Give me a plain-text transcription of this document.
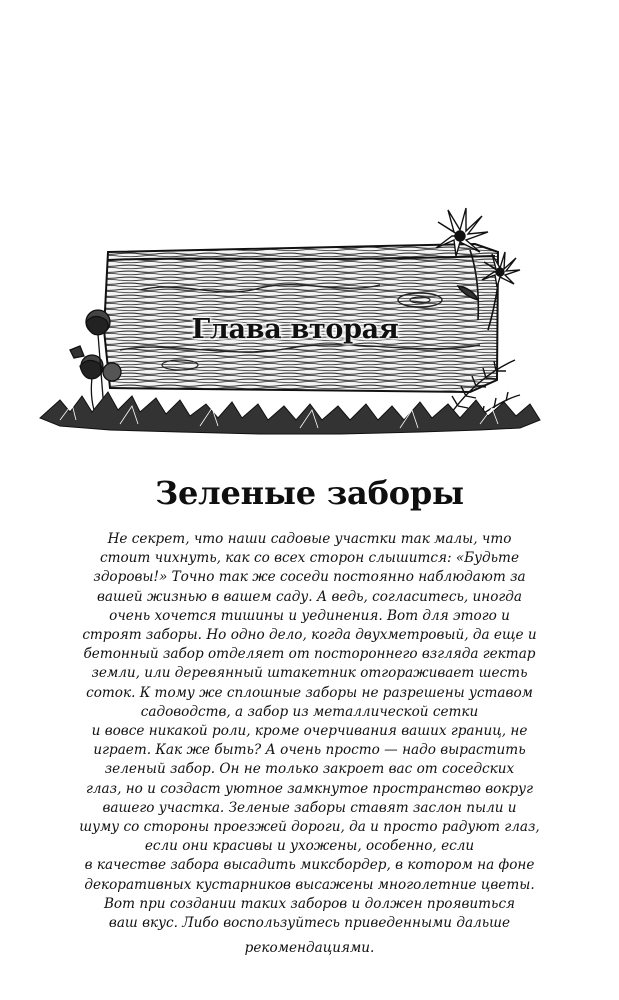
Глава вторая
Зеленые заборы
Не секрет, что наши садовые участки так малы, что
стоит чихнуть, как со всех сторон слышится: «Будьте
здоровы!» Точно так же соседи постоянно наблюдают за
вашей жизнью в вашем саду. А ведь, согласитесь, иногда
очень хочется тишины и уединения. Вот для этого и
строят заборы. Но одно дело, когда двухметровый, да еще и
бетонный забор отделяет от постороннего взгляда гектар
земли, или деревянный штакетник отгораживает шесть
соток. К тому же сплошные заборы не разрешены уставом
садоводств, а забор из металлической сетки
и вовсе никакой роли, кроме очерчивания ваших границ, не
играет. Как же быть? А очень просто — надо вырастить
зеленый забор. Он не только закроет вас от соседских
глаз, но и создаст уютное замкнутое пространство вокруг
вашего участка. Зеленые заборы ставят заслон пыли и
шуму со стороны проезжей дороги, да и просто радуют глаз,
если они красивы и ухожены, особенно, если
в качестве забора высадить миксбордер, в котором на фоне
декоративных кустарников высажены многолетние цветы.
Вот при создании таких заборов и должен проявиться
ваш вкус. Либо воспользуйтесь приведенными дальше
рекомендациями.
